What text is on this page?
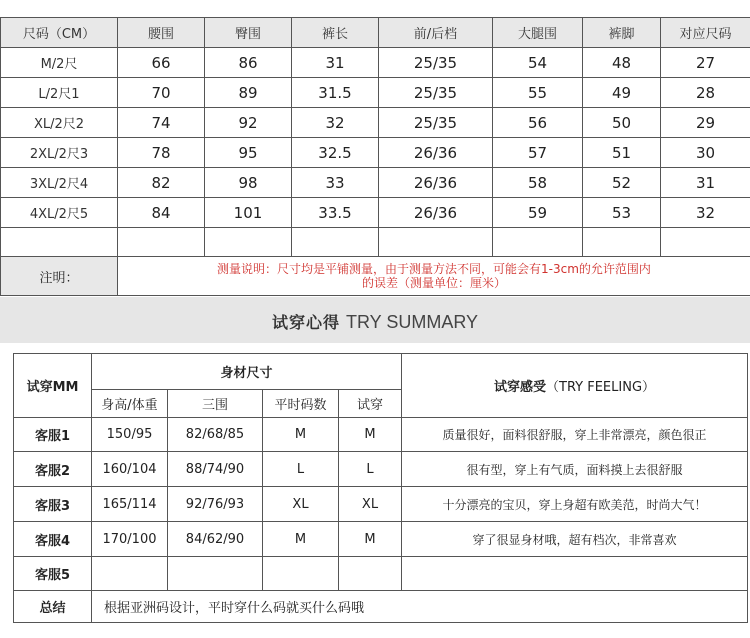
尺码（CM）	腰围	臀围	裤长	前/后档	大腿围	裤脚	对应尺码
M/2尺	66	86	31	25/35	54	48	27
L/2尺1	70	89	31.5	25/35	55	49	28
XL/2尺2	74	92	32	25/35	56	50	29
2XL/2尺3	78	95	32.5	26/36	57	51	30
3XL/2尺4	82	98	33	26/36	58	52	31
4XL/2尺5	84	101	33.5	26/36	59	53	32

注明：	测量说明：尺寸均是平铺测量，由于测量方法不同，可能会有1-3cm的允许范围内
的误差（测量单位：厘米）						
试穿心得 TRY SUMMARY
试穿MM	身材尺寸				试穿感受（TRY FEELING）
	身高/体重	三围	平时码数	试穿	
客服1	150/95	82/68/85	M	M	质量很好，面料很舒服，穿上非常漂亮，颜色很正
客服2	160/104	88/74/90	L	L	很有型，穿上有气质，面料摸上去很舒服
客服3	165/114	92/76/93	XL	XL	十分漂亮的宝贝，穿上身超有欧美范，时尚大气！
客服4	170/100	84/62/90	M	M	穿了很显身材哦，超有档次，非常喜欢
客服5					
总结	根据亚洲码设计，平时穿什么码就买什么码哦				
